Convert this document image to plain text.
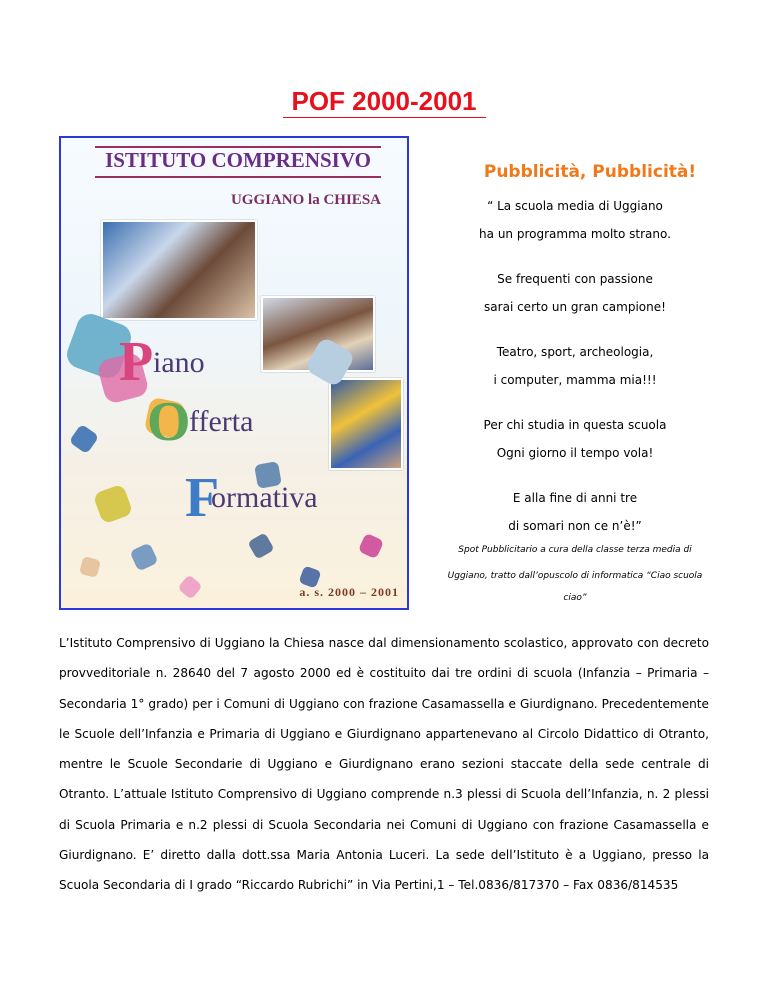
POF 2000-2001
ISTITUTO COMPRENSIVO
UGGIANO la CHIESA
P iano
O
fferta
F
ormativa
a. s. 2000 – 2001
Pubblicità, Pubblicità!
“ La scuola media di Uggiano
ha un programma molto strano.
Se frequenti con passione
sarai certo un gran campione!
Teatro, sport, archeologia,
i computer, mamma mia!!!
Per chi studia in questa scuola
Ogni giorno il tempo vola!
E alla fine di anni tre
di somari non ce n’è!”
Spot Pubblicitario a cura della classe terza media di
Uggiano, tratto dall’opuscolo di informatica “Ciao scuola
ciao”
L’Istituto Comprensivo di Uggiano la Chiesa nasce dal dimensionamento scolastico, approvato con decreto provveditoriale n. 28640 del 7 agosto 2000 ed è costituito dai tre ordini di scuola (Infanzia – Primaria – Secondaria 1° grado) per i Comuni di Uggiano con frazione Casamassella e Giurdignano. Precedentemente le Scuole dell’Infanzia e Primaria di Uggiano e Giurdignano appartenevano al Circolo Didattico di Otranto, mentre le Scuole Secondarie di Uggiano e Giurdignano erano sezioni staccate della sede centrale di Otranto. L’attuale Istituto Comprensivo di Uggiano comprende n.3 plessi di Scuola dell’Infanzia, n. 2 plessi di Scuola Primaria e n.2 plessi di Scuola Secondaria nei Comuni di Uggiano con frazione Casamassella e Giurdignano. E’ diretto dalla dott.ssa Maria Antonia Luceri. La sede dell’Istituto è a Uggiano, presso la Scuola Secondaria di I grado “Riccardo Rubrichi” in Via Pertini,1 – Tel.0836/817370 – Fax 0836/814535
